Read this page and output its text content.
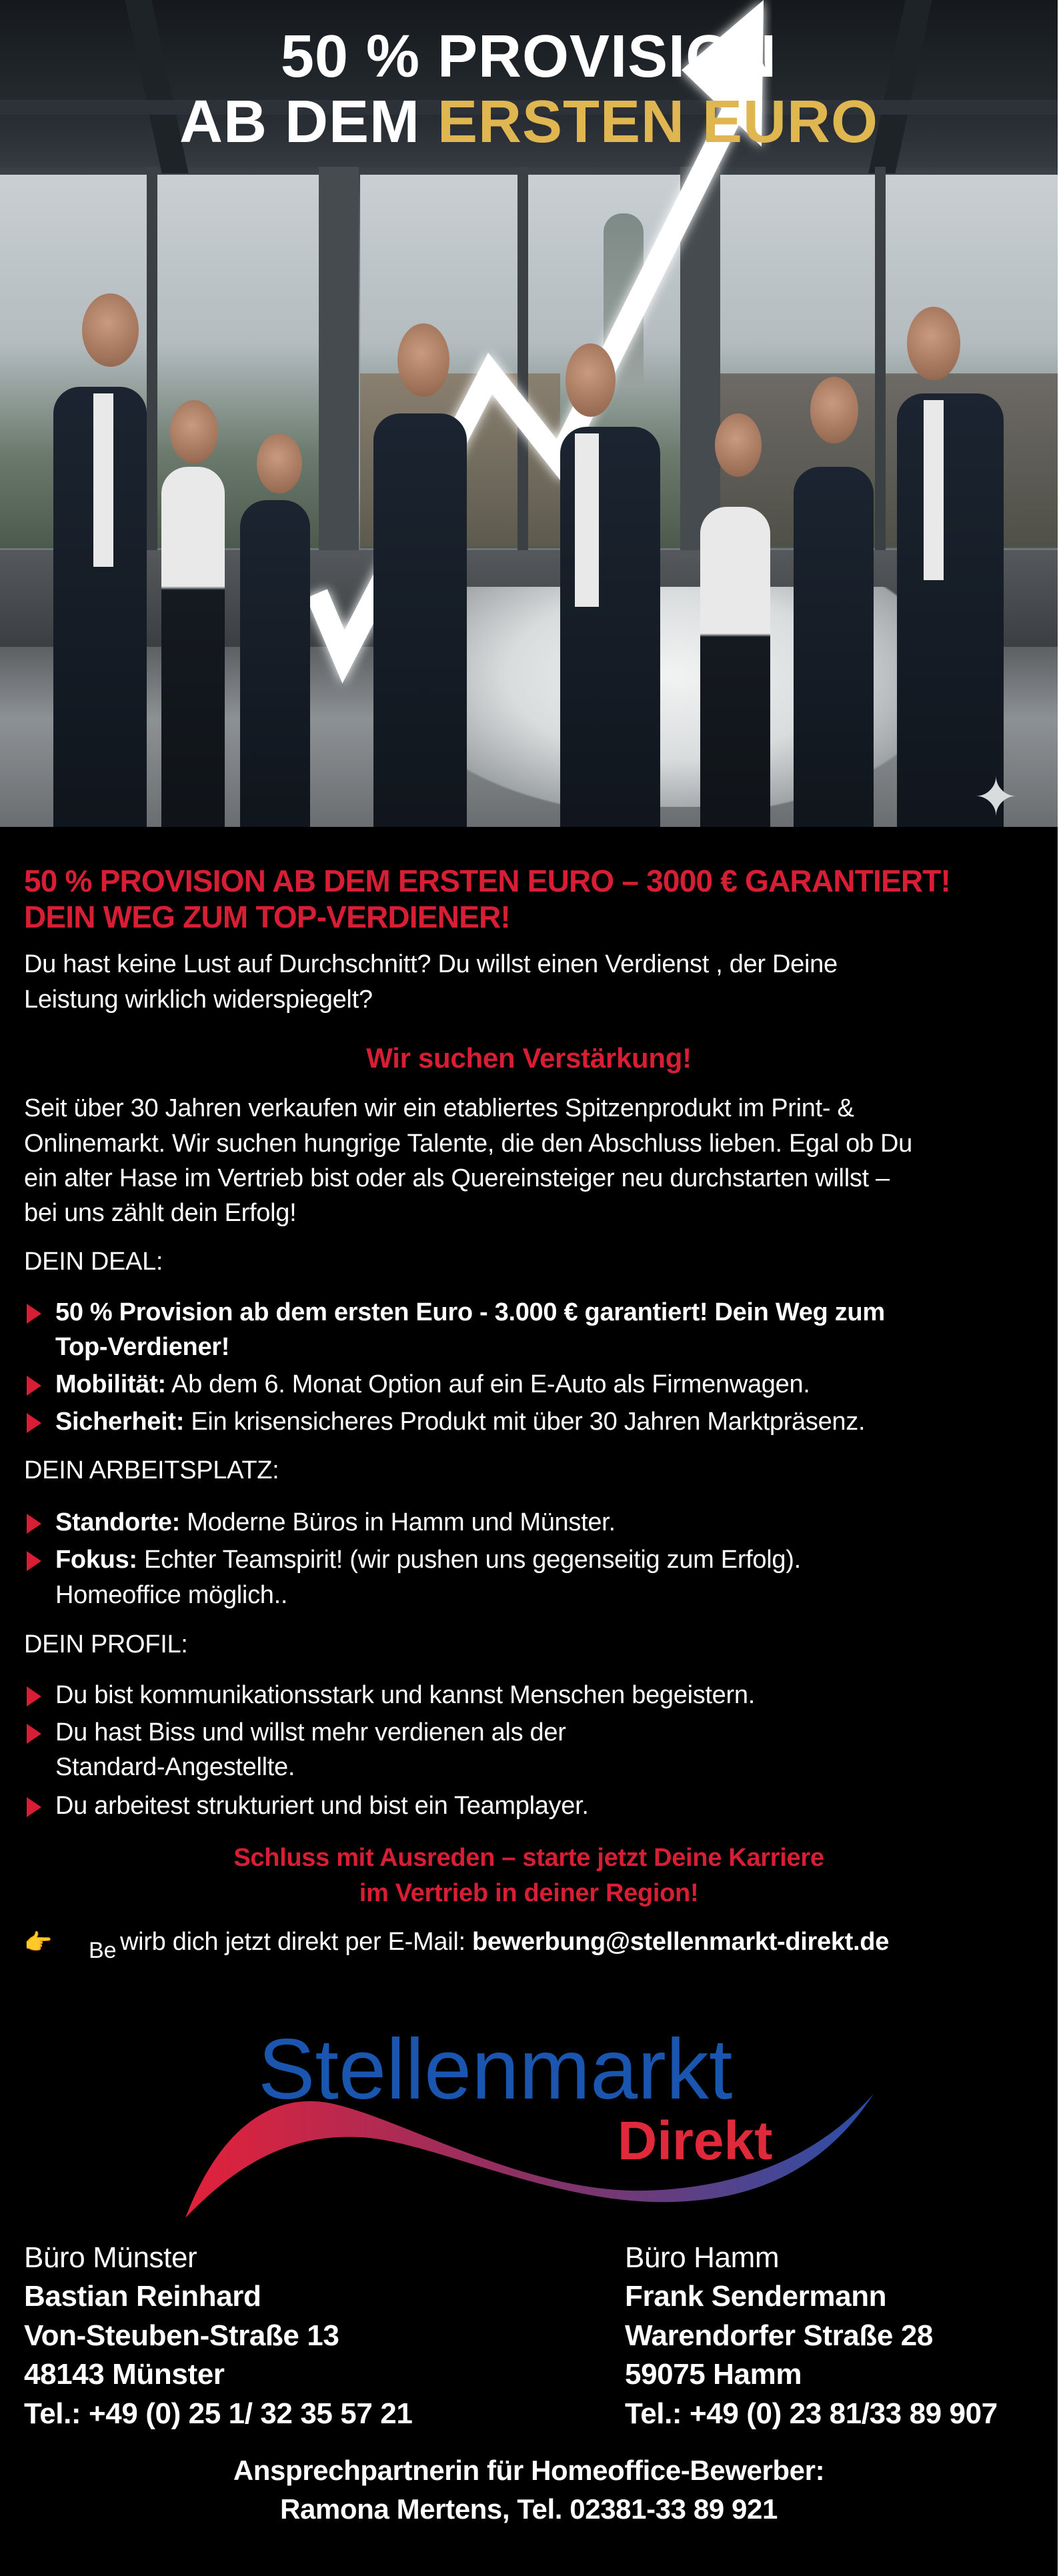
✦
50 % PROVISION
AB DEM ERSTEN EURO
50 % PROVISION AB DEM ERSTEN EURO – 3000 € GARANTIERT!
DEIN WEG ZUM TOP-VERDIENER!
Du hast keine Lust auf Durchschnitt? Du willst einen Verdienst , der Deine
Leistung wirklich widerspiegelt?
Wir suchen Verstärkung!
Seit über 30 Jahren verkaufen wir ein etabliertes Spitzenprodukt im Print- &
Onlinemarkt. Wir suchen hungrige Talente, die den Abschluss lieben. Egal ob Du
ein alter Hase im Vertrieb bist oder als Quereinsteiger neu durchstarten willst –
bei uns zählt dein Erfolg!
DEIN DEAL:
50 % Provision ab dem ersten Euro - 3.000 € garantiert! Dein Weg zum
Top-Verdiener!
Mobilität: Ab dem 6. Monat Option auf ein E-Auto als Firmenwagen.
Sicherheit: Ein krisensicheres Produkt mit über 30 Jahren Marktpräsenz.
DEIN ARBEITSPLATZ:
Standorte: Moderne Büros in Hamm und Münster.
Fokus: Echter Teamspirit! (wir pushen uns gegenseitig zum Erfolg).
Homeoffice möglich..
DEIN PROFIL:
Du bist kommunikationsstark und kannst Menschen begeistern.
Du hast Biss und willst mehr verdienen als der
Standard-Angestellte.
Du arbeitest strukturiert und bist ein Teamplayer.
Schluss mit Ausreden – starte jetzt Deine Karriere
im Vertrieb in deiner Region!
👉 Be wirb dich jetzt direkt per E-Mail: bewerbung@stellenmarkt-direkt.de
Stellenmarkt
Direkt
Büro Münster
Bastian Reinhard
Von-Steuben-Straße 13
48143 Münster
Tel.: +49 (0) 25 1/ 32 35 57 21
Büro Hamm
Frank Sendermann
Warendorfer Straße 28
59075 Hamm
Tel.: +49 (0) 23 81/33 89 907
Ansprechpartnerin für Homeoffice-Bewerber:
Ramona Mertens, Tel. 02381-33 89 921
